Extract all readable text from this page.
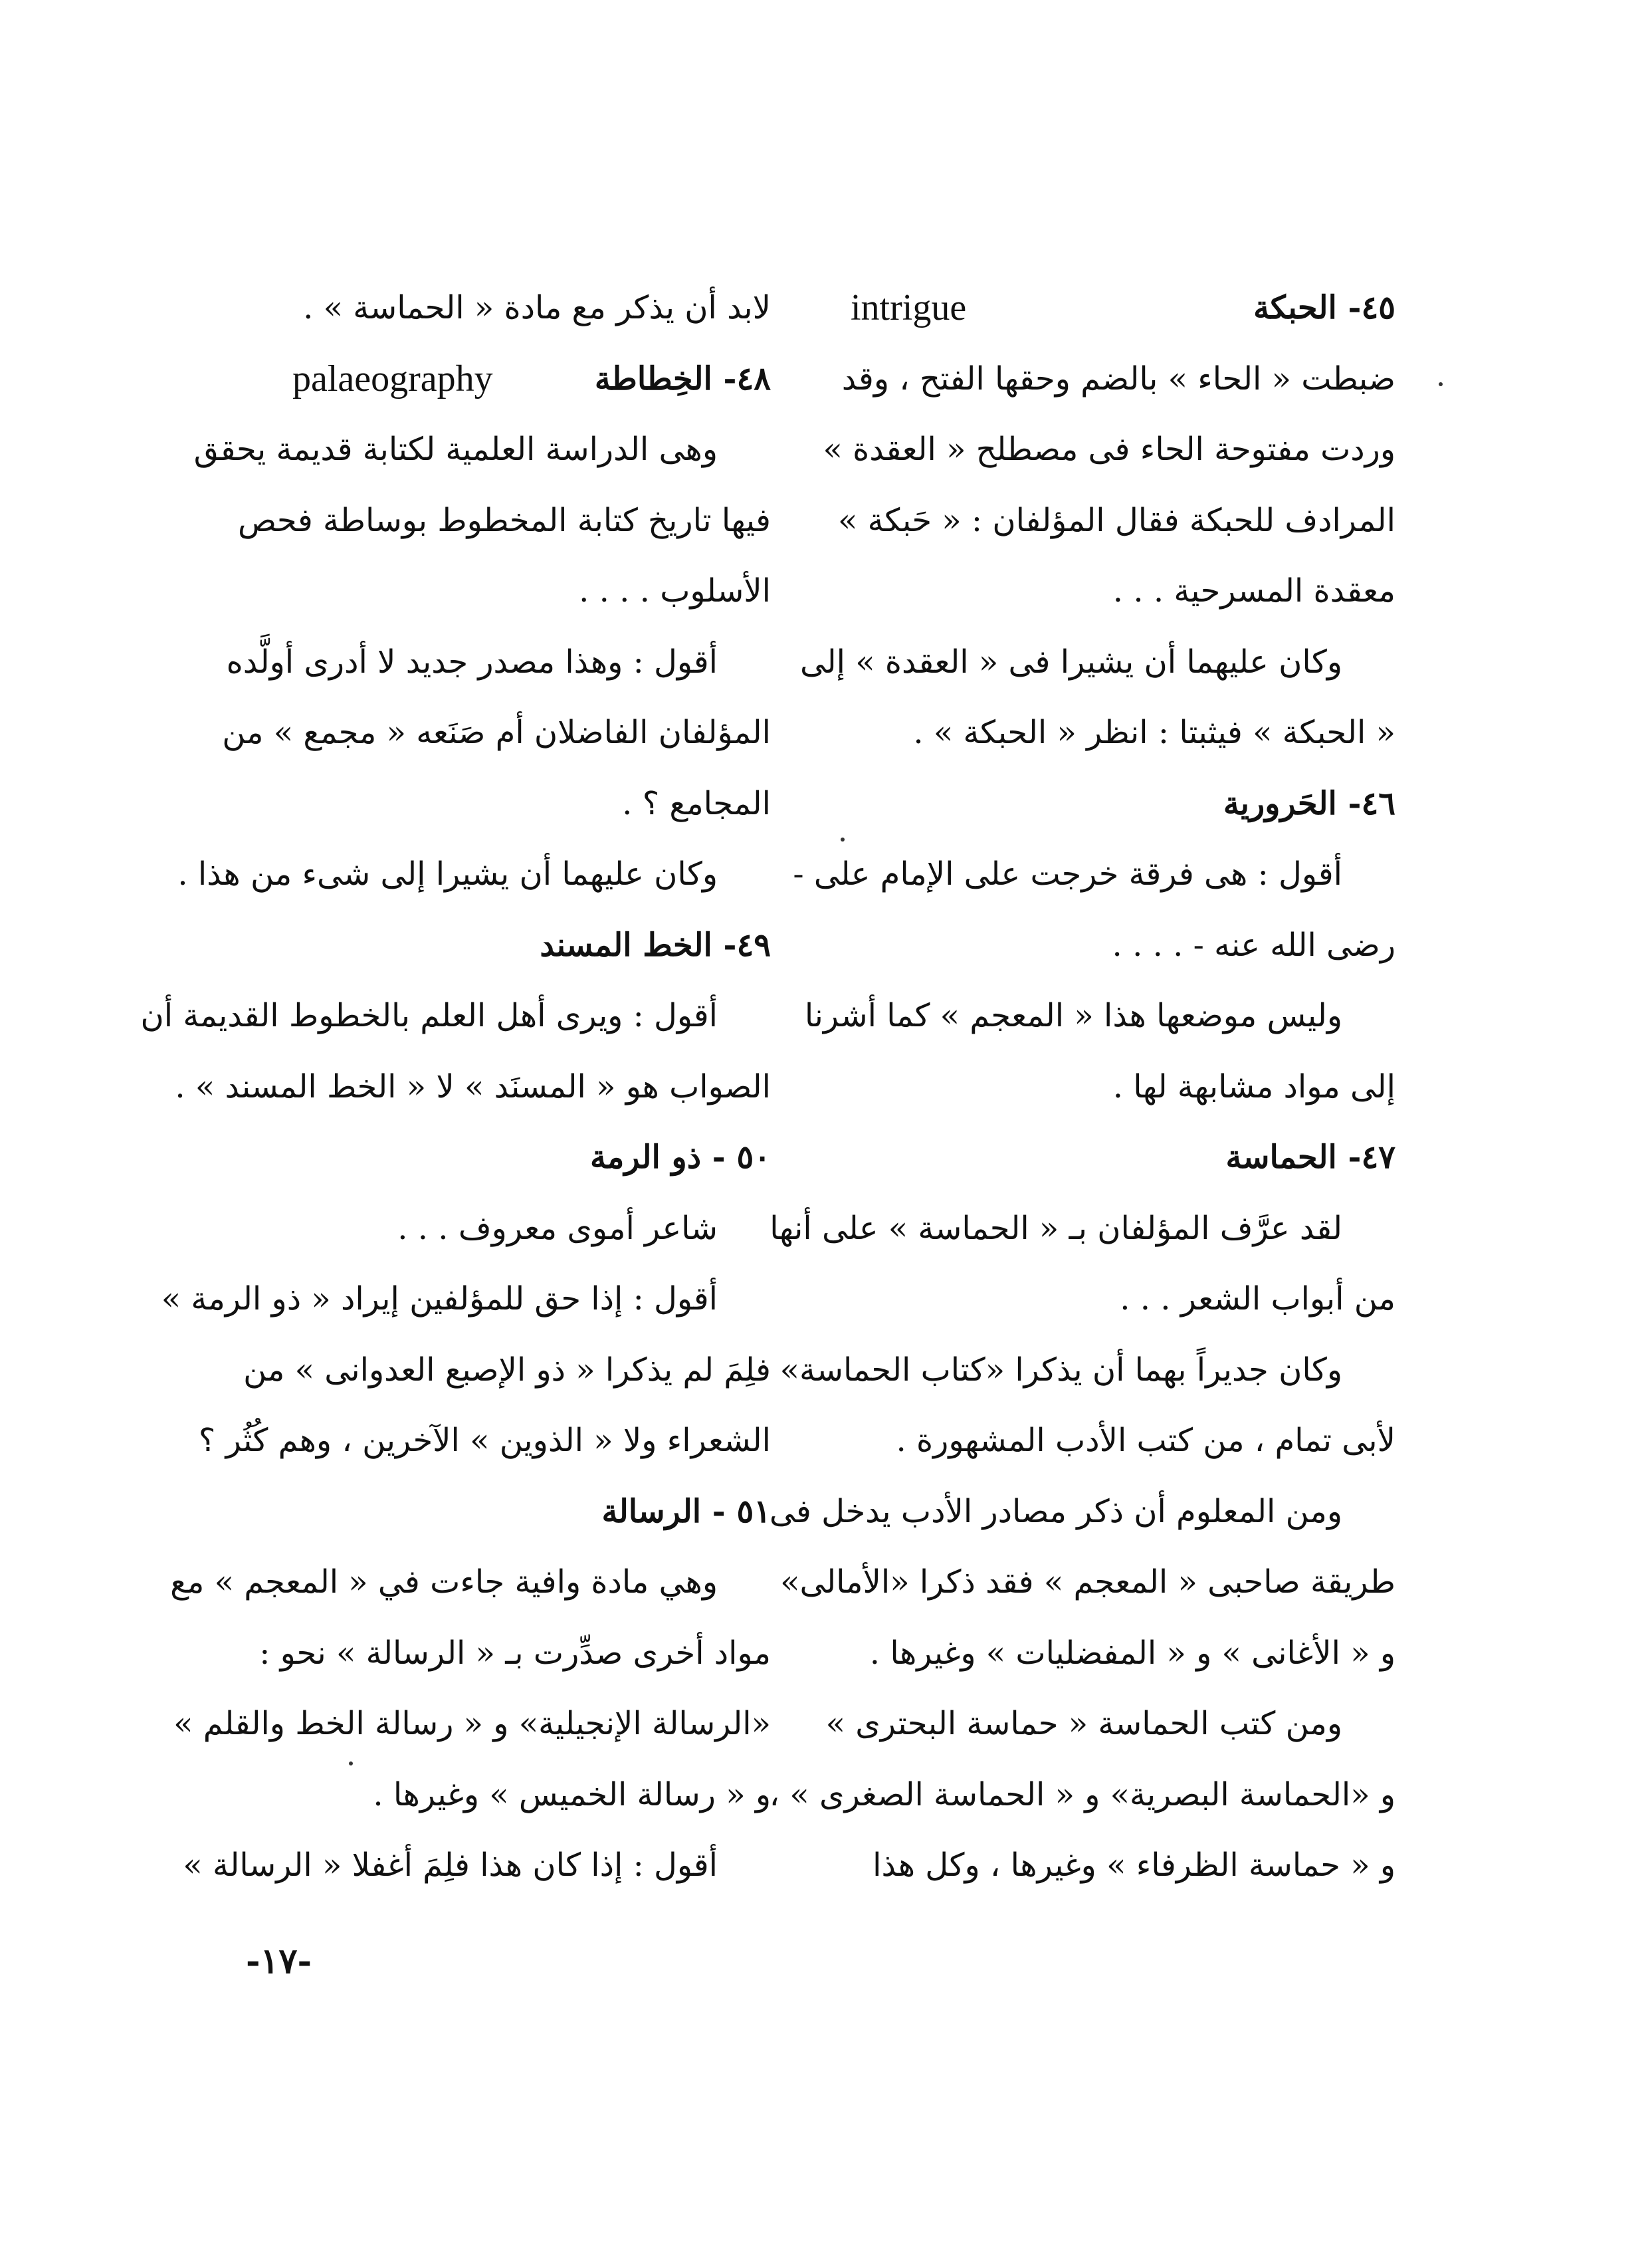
intrigue	٤٥- الحبكة
ضبطت « الحاء » بالضم وحقها الفتح ، وقد
وردت مفتوحة الحاء فى مصطلح « العقدة »
المرادف للحبكة فقال المؤلفان : « حَبكة »
معقدة المسرحية . . .
وكان عليهما أن يشيرا فى « العقدة » إلى
« الحبكة » فيثبتا : انظر « الحبكة » .
٤٦- الحَرورية
أقول : هى فرقة خرجت على الإمام على -
رضى الله عنه - . . . .
وليس موضعها هذا « المعجم » كما أشرنا
إلى مواد مشابهة لها .
٤٧- الحماسة
لقد عرَّف المؤلفان بـ « الحماسة » على أنها
من أبواب الشعر . . .
وكان جديراً بهما أن يذكرا «كتاب الحماسة»
لأبى تمام ، من كتب الأدب المشهورة .
ومن المعلوم أن ذكر مصادر الأدب يدخل فى
طريقة صاحبى « المعجم » فقد ذكرا «الأمالى»
و « الأغانى » و « المفضليات » وغيرها .
ومن كتب الحماسة « حماسة البحترى »
و «الحماسة البصرية» و « الحماسة الصغرى » ،
و « حماسة الظرفاء » وغيرها ، وكل هذا
لابد أن يذكر مع مادة « الحماسة » .
palaeography	٤٨- الخِطاطة
وهى الدراسة العلمية لكتابة قديمة يحقق
فيها تاريخ كتابة المخطوط بوساطة فحص
الأسلوب . . . .
أقول : وهذا مصدر جديد لا أدرى أولَّده
المؤلفان الفاضلان أم صَنَعه « مجمع » من
المجامع ؟ .
وكان عليهما أن يشيرا إلى شىء من هذا .
٤٩- الخط المسند
أقول : ويرى أهل العلم بالخطوط القديمة أن
الصواب هو « المسنَد » لا « الخط المسند » .
٥٠ - ذو الرمة
شاعر أموى معروف . . .
أقول : إذا حق للمؤلفين إيراد « ذو الرمة »
فلِمَ لم يذكرا « ذو الإصبع العدوانى » من
الشعراء ولا « الذوين » الآخرين ، وهم كُثُر ؟
٥١ - الرسالة
وهي مادة وافية جاءت في « المعجم » مع
مواد أخرى صدِّرت بـ « الرسالة » نحو :
«الرسالة الإنجيلية» و « رسالة الخط والقلم »
و « رسالة الخميس » وغيرها .
أقول : إذا كان هذا فلِمَ أغفلا « الرسالة »
-١٧-
